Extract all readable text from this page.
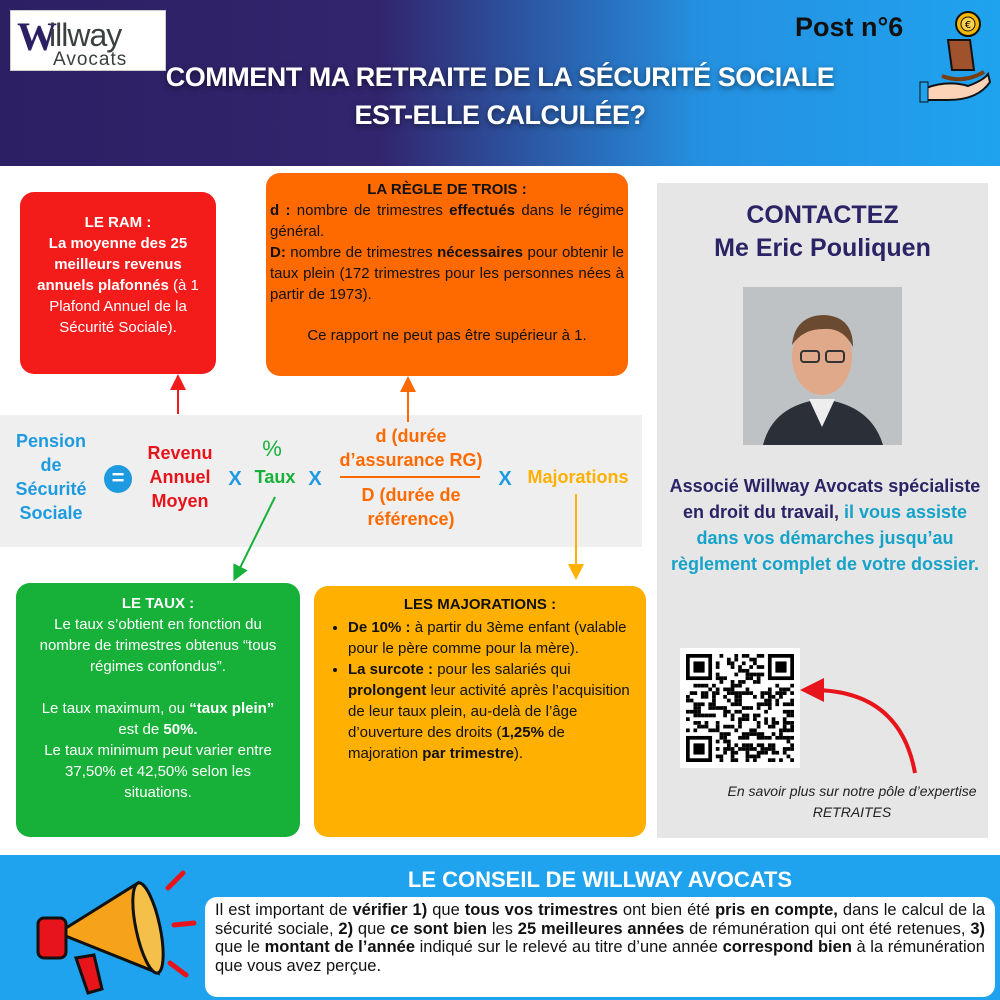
W
illway
Avocats
COMMENT MA RETRAITE DE LA SÉCURITÉ SOCIALE EST-ELLE CALCULÉE?
Post n°6	€
LE RAM :
La moyenne des 25 meilleurs revenus annuels plafonnés (à 1 Plafond Annuel de la Sécurité Sociale).
LA RÈGLE DE TROIS :
d : nombre de trimestres effectués dans le régime général.
D: nombre de trimestres nécessaires pour obtenir le taux plein (172 trimestres pour les personnes nées à partir de 1973).
Ce rapport ne peut pas être supérieur à 1.
Pension de Sécurité Sociale
=
Revenu Annuel Moyen
X
%
Taux X
d (durée d’assurance RG)
D (durée de référence)
X Majorations
LE TAUX :
Le taux s’obtient en fonction du nombre de trimestres obtenus “tous régimes confondus”.
Le taux maximum, ou “taux plein” est de 50%.
Le taux minimum peut varier entre 37,50% et 42,50% selon les situations.
LES MAJORATIONS :
• De 10% : à partir du 3ème enfant (valable pour le père comme pour la mère).
• La surcote : pour les salariés qui prolongent leur activité après l’acquisition de leur taux plein, au-delà de l’âge d’ouverture des droits (1,25% de majoration par trimestre).
CONTACTEZ
Me Eric Pouliquen
Associé Willway Avocats spécialiste en droit du travail, il vous assiste dans vos démarches jusqu’au règlement complet de votre dossier.
En savoir plus sur notre pôle d’expertise RETRAITES
LE CONSEIL DE WILLWAY AVOCATS
Il est important de vérifier 1) que tous vos trimestres ont bien été pris en compte, dans le calcul de la sécurité sociale, 2) que ce sont bien les 25 meilleures années de rémunération qui ont été retenues, 3) que le montant de l’année indiqué sur le relevé au titre d’une année correspond bien à la rémunération que vous avez perçue.
